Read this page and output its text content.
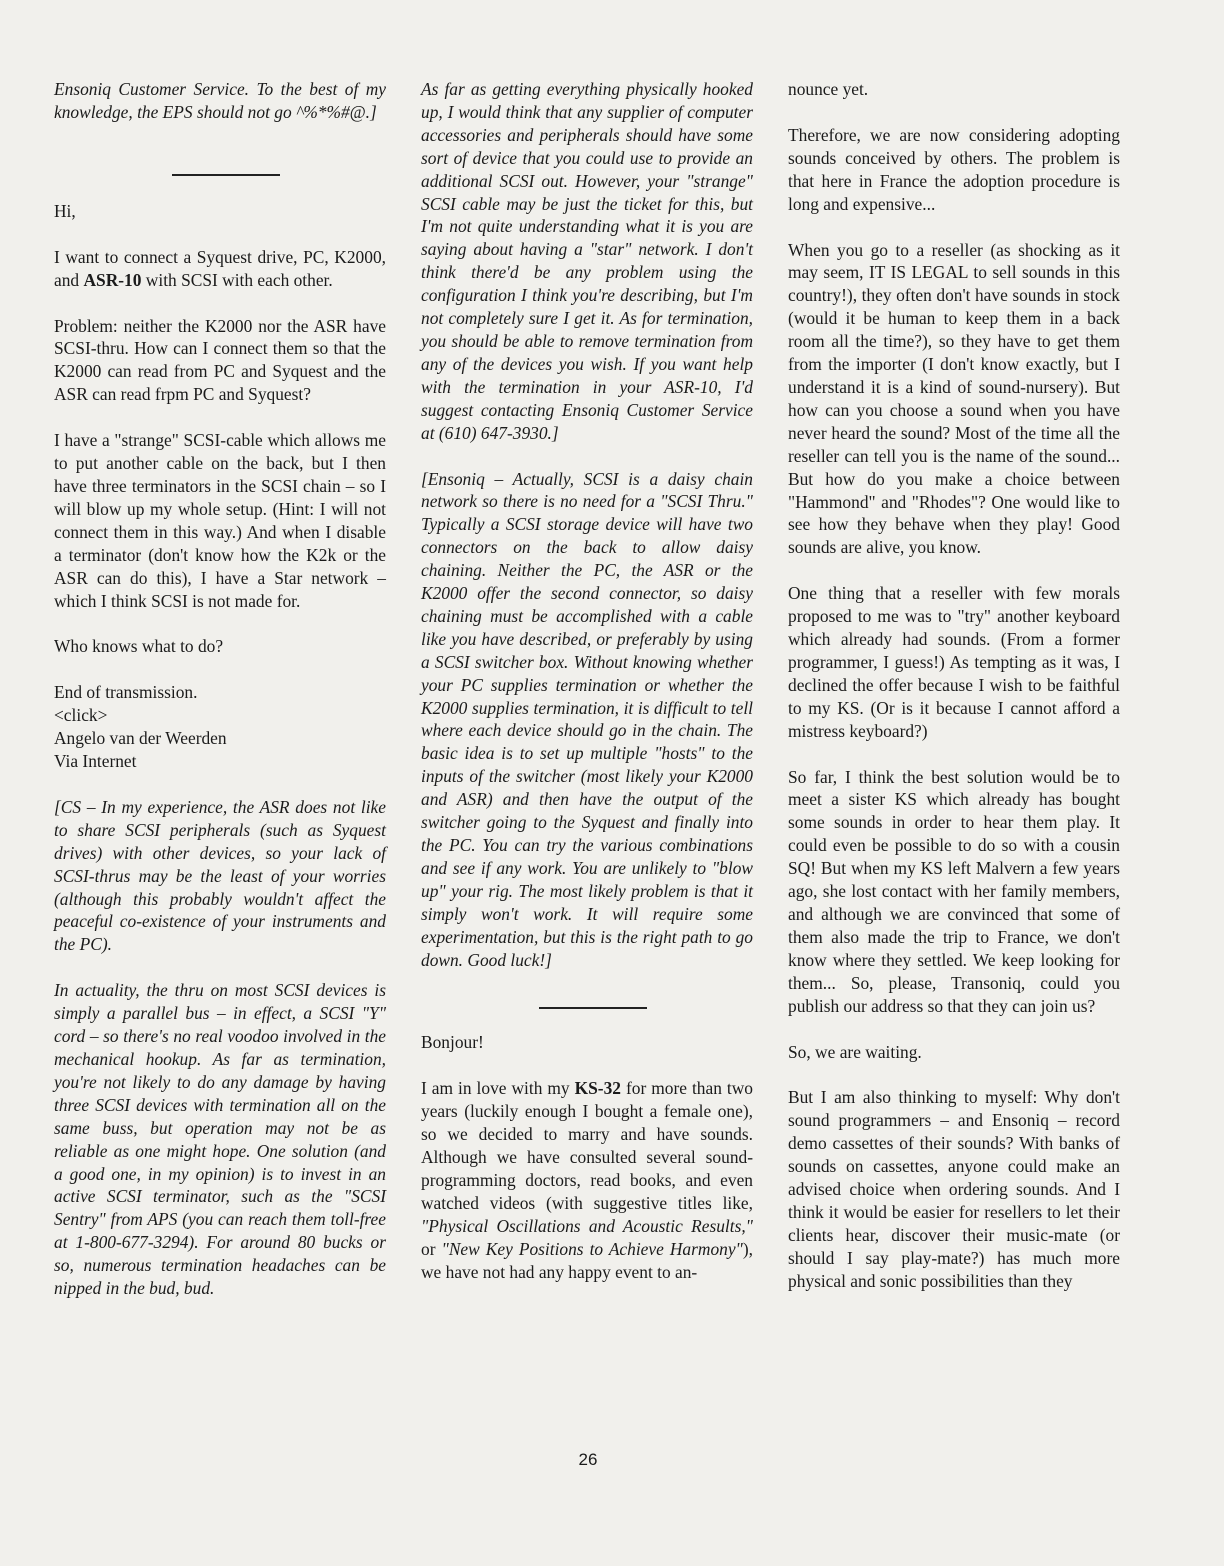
Ensoniq Customer Service. To the best of my knowledge, the EPS should not go ^%*%#@.]

Hi,

I want to connect a Syquest drive, PC, K2000, and ASR-10 with SCSI with each other.

Problem: neither the K2000 nor the ASR have SCSI-thru. How can I connect them so that the K2000 can read from PC and Syquest and the ASR can read frpm PC and Syquest?

I have a "strange" SCSI-cable which allows me to put another cable on the back, but I then have three terminators in the SCSI chain – so I will blow up my whole setup. (Hint: I will not connect them in this way.) And when I disable a terminator (don't know how the K2k or the ASR can do this), I have a Star network – which I think SCSI is not made for.

Who knows what to do?

End of transmission.
<click>
Angelo van der Weerden
Via Internet

[CS – In my experience, the ASR does not like to share SCSI peripherals (such as Syquest drives) with other devices, so your lack of SCSI-thrus may be the least of your worries (although this probably wouldn't affect the peaceful co-existence of your instruments and the PC).

In actuality, the thru on most SCSI devices is simply a parallel bus – in effect, a SCSI "Y" cord – so there's no real voodoo involved in the mechanical hookup. As far as termination, you're not likely to do any damage by having three SCSI devices with termination all on the same buss, but operation may not be as reliable as one might hope. One solution (and a good one, in my opinion) is to invest in an active SCSI terminator, such as the "SCSI Sentry" from APS (you can reach them toll-free at 1-800-677-3294). For around 80 bucks or so, numerous termination headaches can be nipped in the bud, bud.

As far as getting everything physically hooked up, I would think that any supplier of computer accessories and peripherals should have some sort of device that you could use to provide an additional SCSI out. However, your "strange" SCSI cable may be just the ticket for this, but I'm not quite understanding what it is you are saying about having a "star" network. I don't think there'd be any problem using the configuration I think you're describing, but I'm not completely sure I get it. As for termination, you should be able to remove termination from any of the devices you wish. If you want help with the termination in your ASR-10, I'd suggest contacting Ensoniq Customer Service at (610) 647-3930.]

[Ensoniq – Actually, SCSI is a daisy chain network so there is no need for a "SCSI Thru." Typically a SCSI storage device will have two connectors on the back to allow daisy chaining. Neither the PC, the ASR or the K2000 offer the second connector, so daisy chaining must be accomplished with a cable like you have described, or preferably by using a SCSI switcher box. Without knowing whether your PC supplies termination or whether the K2000 supplies termination, it is difficult to tell where each device should go in the chain. The basic idea is to set up multiple "hosts" to the inputs of the switcher (most likely your K2000 and ASR) and then have the output of the switcher going to the Syquest and finally into the PC. You can try the various combinations and see if any work. You are unlikely to "blow up" your rig. The most likely problem is that it simply won't work. It will require some experimentation, but this is the right path to go down. Good luck!]

Bonjour!

I am in love with my KS-32 for more than two years (luckily enough I bought a female one), so we decided to marry and have sounds. Although we have consulted several sound-programming doctors, read books, and even watched videos (with suggestive titles like, "Physical Oscillations and Acoustic Results," or "New Key Positions to Achieve Harmony"), we have not had any happy event to an-

nounce yet.

Therefore, we are now considering adopting sounds conceived by others. The problem is that here in France the adoption procedure is long and expensive...

When you go to a reseller (as shocking as it may seem, IT IS LEGAL to sell sounds in this country!), they often don't have sounds in stock (would it be human to keep them in a back room all the time?), so they have to get them from the importer (I don't know exactly, but I understand it is a kind of sound-nursery). But how can you choose a sound when you have never heard the sound? Most of the time all the reseller can tell you is the name of the sound... But how do you make a choice between "Hammond" and "Rhodes"? One would like to see how they behave when they play! Good sounds are alive, you know.

One thing that a reseller with few morals proposed to me was to "try" another keyboard which already had sounds. (From a former programmer, I guess!) As tempting as it was, I declined the offer because I wish to be faithful to my KS. (Or is it because I cannot afford a mistress keyboard?)

So far, I think the best solution would be to meet a sister KS which already has bought some sounds in order to hear them play. It could even be possible to do so with a cousin SQ! But when my KS left Malvern a few years ago, she lost contact with her family members, and although we are convinced that some of them also made the trip to France, we don't know where they settled. We keep looking for them... So, please, Transoniq, could you publish our address so that they can join us?

So, we are waiting.

But I am also thinking to myself: Why don't sound programmers – and Ensoniq – record demo cassettes of their sounds? With banks of sounds on cassettes, anyone could make an advised choice when ordering sounds. And I think it would be easier for resellers to let their clients hear, discover their music-mate (or should I say play-mate?) has much more physical and sonic possibilities than they

26
